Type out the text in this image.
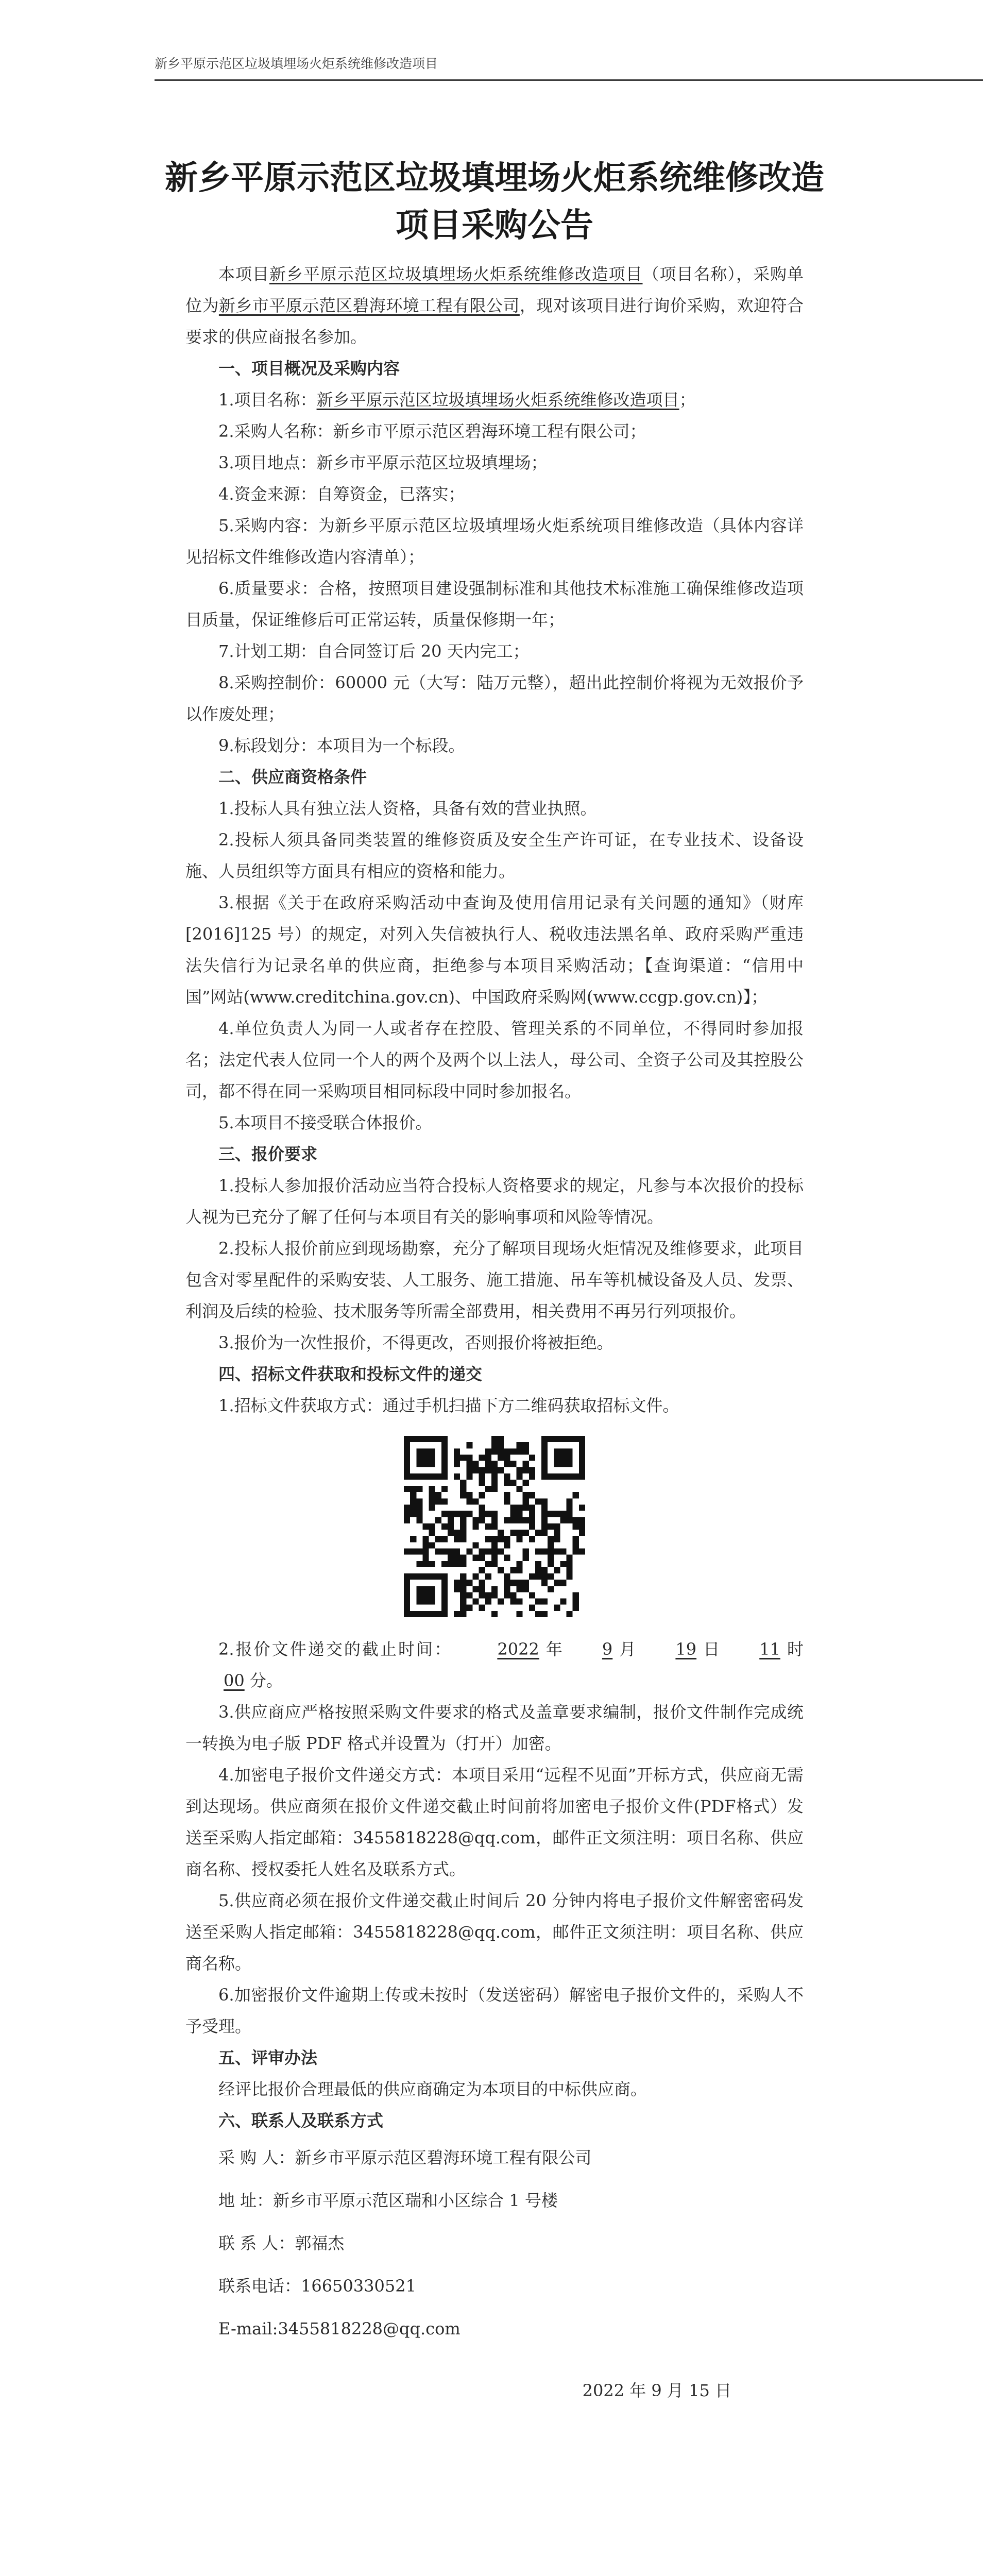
新乡平原示范区垃圾填埋场火炬系统维修改造项目
新乡平原示范区垃圾填埋场火炬系统维修改造
项目采购公告

本项目新乡平原示范区垃圾填埋场火炬系统维修改造项目（项目名称），采购单位为新乡市平原示范区碧海环境工程有限公司，现对该项目进行询价采购，欢迎符合要求的供应商报名参加。

一、项目概况及采购内容

1.项目名称：新乡平原示范区垃圾填埋场火炬系统维修改造项目；

2.采购人名称：新乡市平原示范区碧海环境工程有限公司；

3.项目地点：新乡市平原示范区垃圾填埋场；

4.资金来源：自筹资金，已落实；

5.采购内容：为新乡平原示范区垃圾填埋场火炬系统项目维修改造（具体内容详见招标文件维修改造内容清单）；

6.质量要求：合格，按照项目建设强制标准和其他技术标准施工确保维修改造项目质量，保证维修后可正常运转，质量保修期一年；

7.计划工期：自合同签订后 20 天内完工；

8.采购控制价：60000 元（大写：陆万元整），超出此控制价将视为无效报价予以作废处理；

9.标段划分：本项目为一个标段。

二、供应商资格条件

1.投标人具有独立法人资格，具备有效的营业执照。

2.投标人须具备同类装置的维修资质及安全生产许可证，在专业技术、设备设施、人员组织等方面具有相应的资格和能力。

3.根据《关于在政府采购活动中查询及使用信用记录有关问题的通知》（财库[2016]125 号）的规定，对列入失信被执行人、税收违法黑名单、政府采购严重违法失信行为记录名单的供应商，拒绝参与本项目采购活动；【查询渠道：“信用中国”网站(www.creditchina.gov.cn)、中国政府采购网(www.ccgp.gov.cn)】；

4.单位负责人为同一人或者存在控股、管理关系的不同单位，不得同时参加报名；法定代表人位同一个人的两个及两个以上法人，母公司、全资子公司及其控股公司，都不得在同一采购项目相同标段中同时参加报名。

5.本项目不接受联合体报价。

三、报价要求

1.投标人参加报价活动应当符合投标人资格要求的规定，凡参与本次报价的投标人视为已充分了解了任何与本项目有关的影响事项和风险等情况。

2.投标人报价前应到现场勘察，充分了解项目现场火炬情况及维修要求，此项目包含对零星配件的采购安装、人工服务、施工措施、吊车等机械设备及人员、发票、利润及后续的检验、技术服务等所需全部费用，相关费用不再另行列项报价。

3.报价为一次性报价，不得更改，否则报价将被拒绝。

四、招标文件获取和投标文件的递交

1.招标文件获取方式：通过手机扫描下方二维码获取招标文件。

2.报价文件递交的截止时间：	2022 年 9 月 19 日 11 时00 分。

3.供应商应严格按照采购文件要求的格式及盖章要求编制，报价文件制作完成统一转换为电子版 PDF 格式并设置为（打开）加密。

4.加密电子报价文件递交方式：本项目采用“远程不见面”开标方式，供应商无需到达现场。供应商须在报价文件递交截止时间前将加密电子报价文件(PDF格式）发送至采购人指定邮箱：3455818228@qq.com，邮件正文须注明：项目名称、供应商名称、授权委托人姓名及联系方式。

5.供应商必须在报价文件递交截止时间后 20 分钟内将电子报价文件解密密码发送至采购人指定邮箱：3455818228@qq.com，邮件正文须注明：项目名称、供应商名称。

6.加密报价文件逾期上传或未按时（发送密码）解密电子报价文件的，采购人不予受理。

五、评审办法

经评比报价合理最低的供应商确定为本项目的中标供应商。

六、联系人及联系方式

采 购 人：新乡市平原示范区碧海环境工程有限公司

地 址：新乡市平原示范区瑞和小区综合 1 号楼

联 系 人：郭福杰

联系电话：16650330521

E-mail:3455818228@qq.com

2022 年 9 月 15 日
